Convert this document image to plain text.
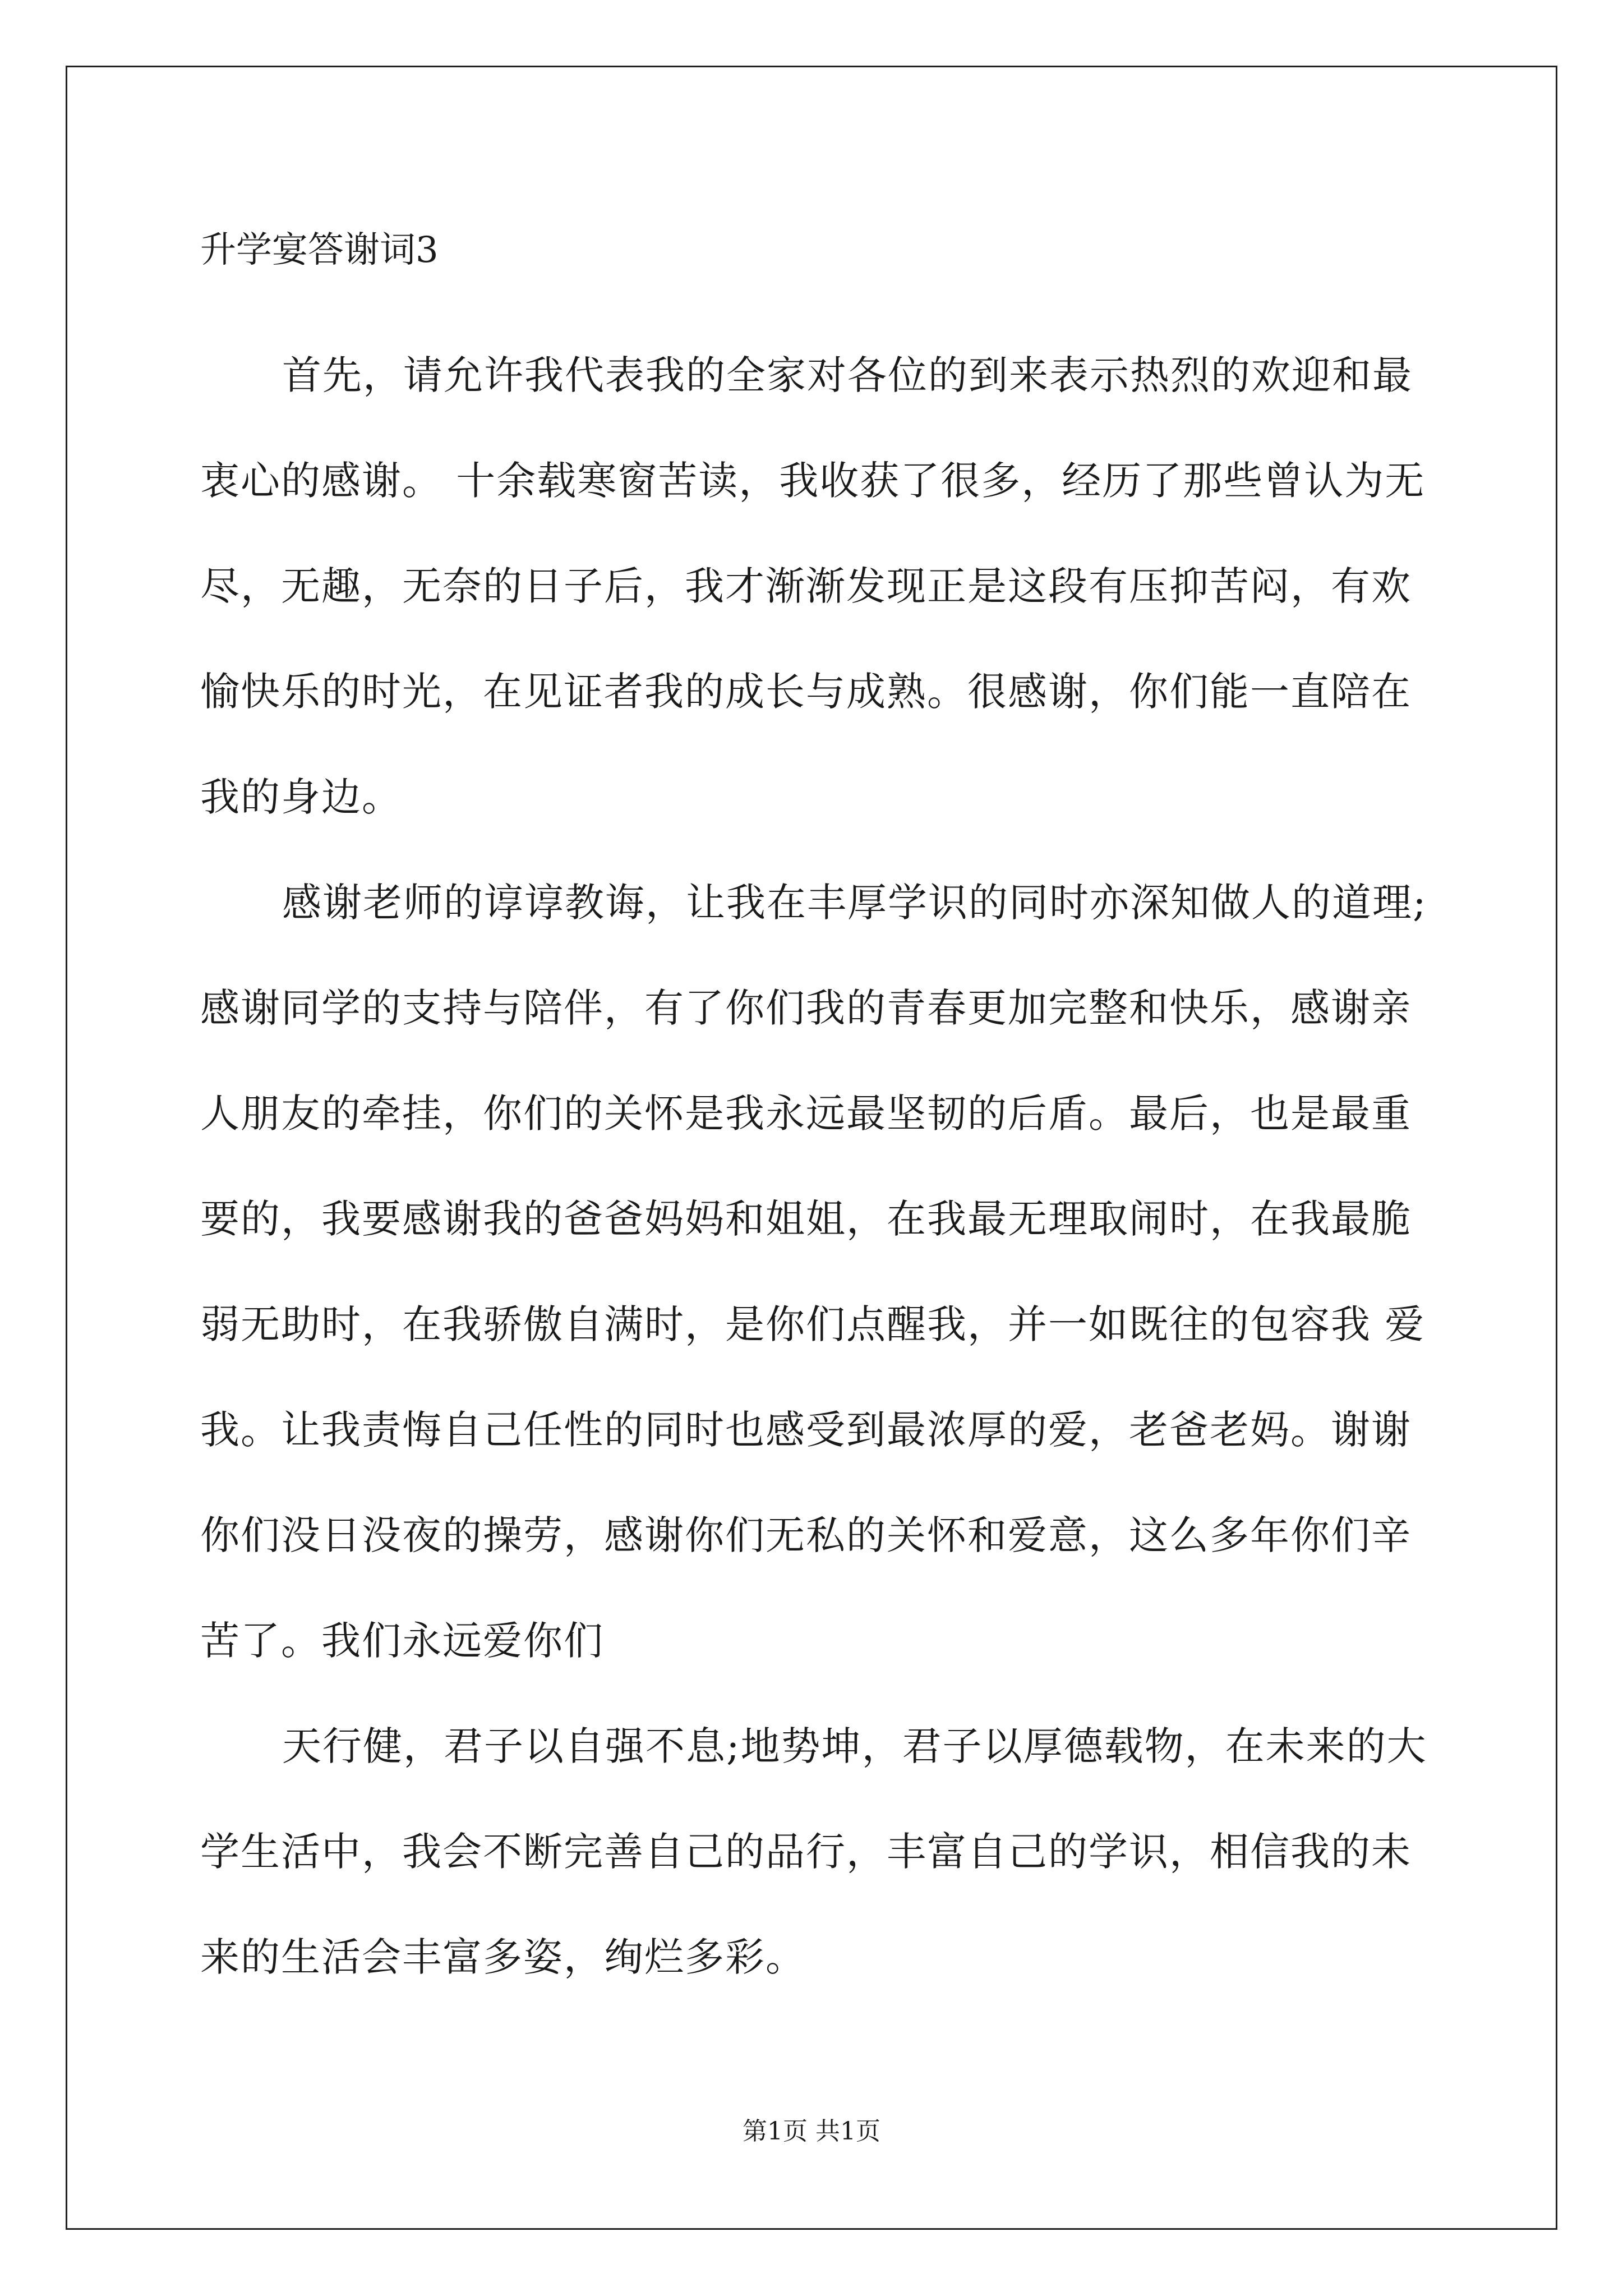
升学宴答谢词3

首先，请允许我代表我的全家对各位的到来表示热烈的欢迎和最
衷心的感谢。 十余载寒窗苦读，我收获了很多，经历了那些曾认为无
尽，无趣，无奈的日子后，我才渐渐发现正是这段有压抑苦闷，有欢
愉快乐的时光，在见证者我的成长与成熟。很感谢，你们能一直陪在
我的身边。

感谢老师的谆谆教诲，让我在丰厚学识的同时亦深知做人的道理;
感谢同学的支持与陪伴，有了你们我的青春更加完整和快乐，感谢亲
人朋友的牵挂，你们的关怀是我永远最坚韧的后盾。最后，也是最重
要的，我要感谢我的爸爸妈妈和姐姐，在我最无理取闹时，在我最脆
弱无助时，在我骄傲自满时，是你们点醒我，并一如既往的包容我 爱
我。让我责悔自己任性的同时也感受到最浓厚的爱，老爸老妈。谢谢
你们没日没夜的操劳，感谢你们无私的关怀和爱意，这么多年你们辛
苦了。我们永远爱你们

天行健，君子以自强不息;地势坤，君子以厚德载物，在未来的大
学生活中，我会不断完善自己的品行，丰富自己的学识，相信我的未
来的生活会丰富多姿，绚烂多彩。

第1页 共1页
